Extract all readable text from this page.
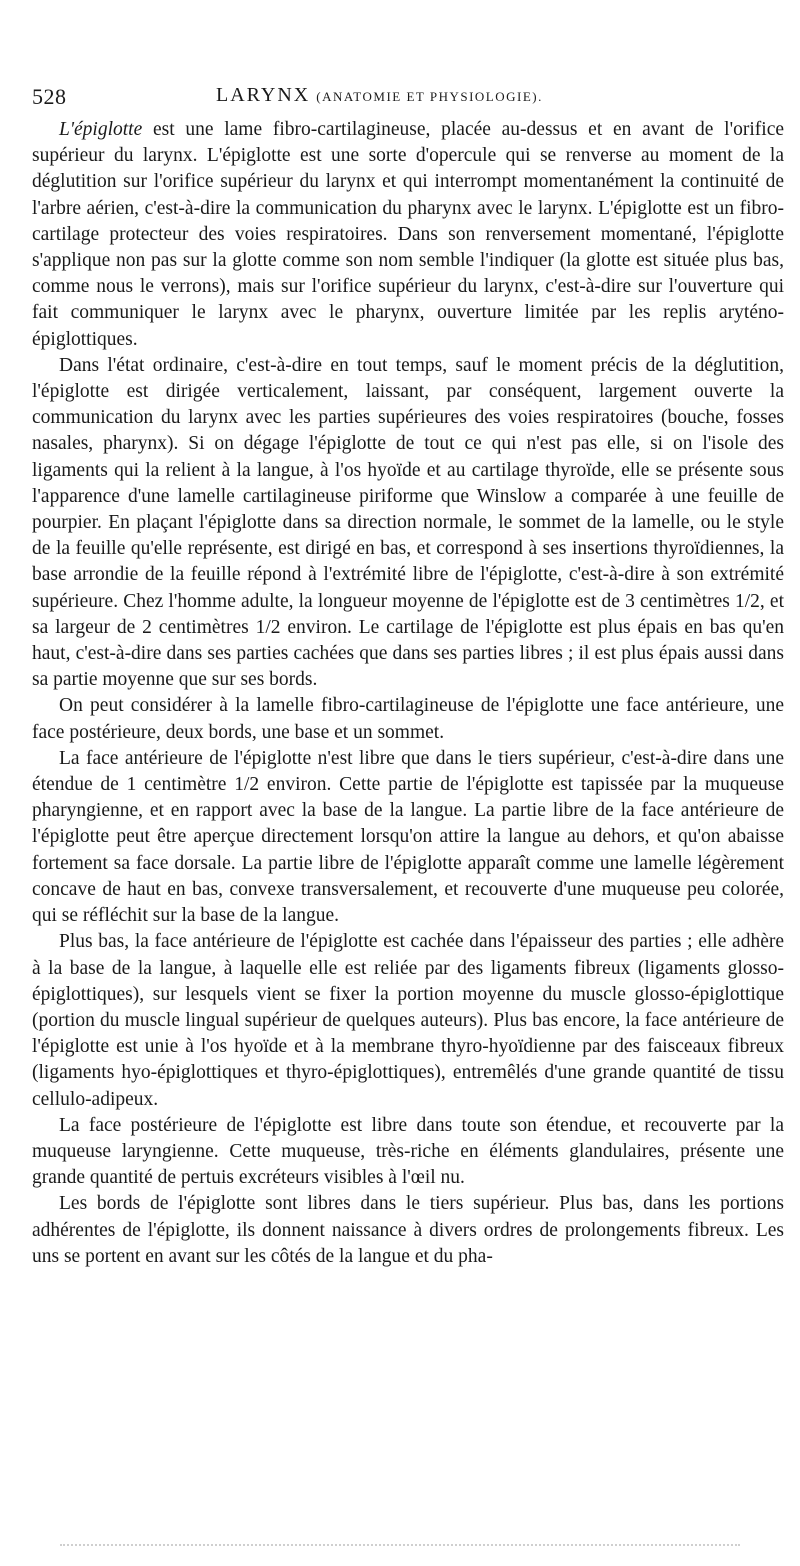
528	LARYNX (ANATOMIE ET PHYSIOLOGIE).

L'épiglotte est une lame fibro-cartilagineuse, placée au-dessus et en avant de l'orifice supérieur du larynx. L'épiglotte est une sorte d'opercule qui se renverse au moment de la déglutition sur l'orifice supérieur du larynx et qui interrompt momentanément la continuité de l'arbre aérien, c'est-à-dire la communication du pharynx avec le larynx. L'épiglotte est un fibro-cartilage protecteur des voies respiratoires. Dans son renversement momentané, l'épiglotte s'applique non pas sur la glotte comme son nom semble l'indiquer (la glotte est située plus bas, comme nous le verrons), mais sur l'orifice supérieur du larynx, c'est-à-dire sur l'ouverture qui fait communiquer le larynx avec le pharynx, ouverture limitée par les replis aryténo-épiglottiques.

Dans l'état ordinaire, c'est-à-dire en tout temps, sauf le moment précis de la déglutition, l'épiglotte est dirigée verticalement, laissant, par conséquent, largement ouverte la communication du larynx avec les parties supérieures des voies respiratoires (bouche, fosses nasales, pharynx). Si on dégage l'épiglotte de tout ce qui n'est pas elle, si on l'isole des ligaments qui la relient à la langue, à l'os hyoïde et au cartilage thyroïde, elle se présente sous l'apparence d'une lamelle cartilagineuse piriforme que Winslow a comparée à une feuille de pourpier. En plaçant l'épiglotte dans sa direction normale, le sommet de la lamelle, ou le style de la feuille qu'elle représente, est dirigé en bas, et correspond à ses insertions thyroïdiennes, la base arrondie de la feuille répond à l'extrémité libre de l'épiglotte, c'est-à-dire à son extrémité supérieure. Chez l'homme adulte, la longueur moyenne de l'épiglotte est de 3 centimètres 1/2, et sa largeur de 2 centimètres 1/2 environ. Le cartilage de l'épiglotte est plus épais en bas qu'en haut, c'est-à-dire dans ses parties cachées que dans ses parties libres ; il est plus épais aussi dans sa partie moyenne que sur ses bords.

On peut considérer à la lamelle fibro-cartilagineuse de l'épiglotte une face antérieure, une face postérieure, deux bords, une base et un sommet.

La face antérieure de l'épiglotte n'est libre que dans le tiers supérieur, c'est-à-dire dans une étendue de 1 centimètre 1/2 environ. Cette partie de l'épiglotte est tapissée par la muqueuse pharyngienne, et en rapport avec la base de la langue. La partie libre de la face antérieure de l'épiglotte peut être aperçue directement lorsqu'on attire la langue au dehors, et qu'on abaisse fortement sa face dorsale. La partie libre de l'épiglotte apparaît comme une lamelle légèrement concave de haut en bas, convexe transversalement, et recouverte d'une muqueuse peu colorée, qui se réfléchit sur la base de la langue.

Plus bas, la face antérieure de l'épiglotte est cachée dans l'épaisseur des parties ; elle adhère à la base de la langue, à laquelle elle est reliée par des ligaments fibreux (ligaments glosso-épiglottiques), sur lesquels vient se fixer la portion moyenne du muscle glosso-épiglottique (portion du muscle lingual supérieur de quelques auteurs). Plus bas encore, la face antérieure de l'épiglotte est unie à l'os hyoïde et à la membrane thyro-hyoïdienne par des faisceaux fibreux (ligaments hyo-épiglottiques et thyro-épiglottiques), entremêlés d'une grande quantité de tissu cellulo-adipeux.

La face postérieure de l'épiglotte est libre dans toute son étendue, et recouverte par la muqueuse laryngienne. Cette muqueuse, très-riche en éléments glandulaires, présente une grande quantité de pertuis excréteurs visibles à l'œil nu.

Les bords de l'épiglotte sont libres dans le tiers supérieur. Plus bas, dans les portions adhérentes de l'épiglotte, ils donnent naissance à divers ordres de prolongements fibreux. Les uns se portent en avant sur les côtés de la langue et du pha-
